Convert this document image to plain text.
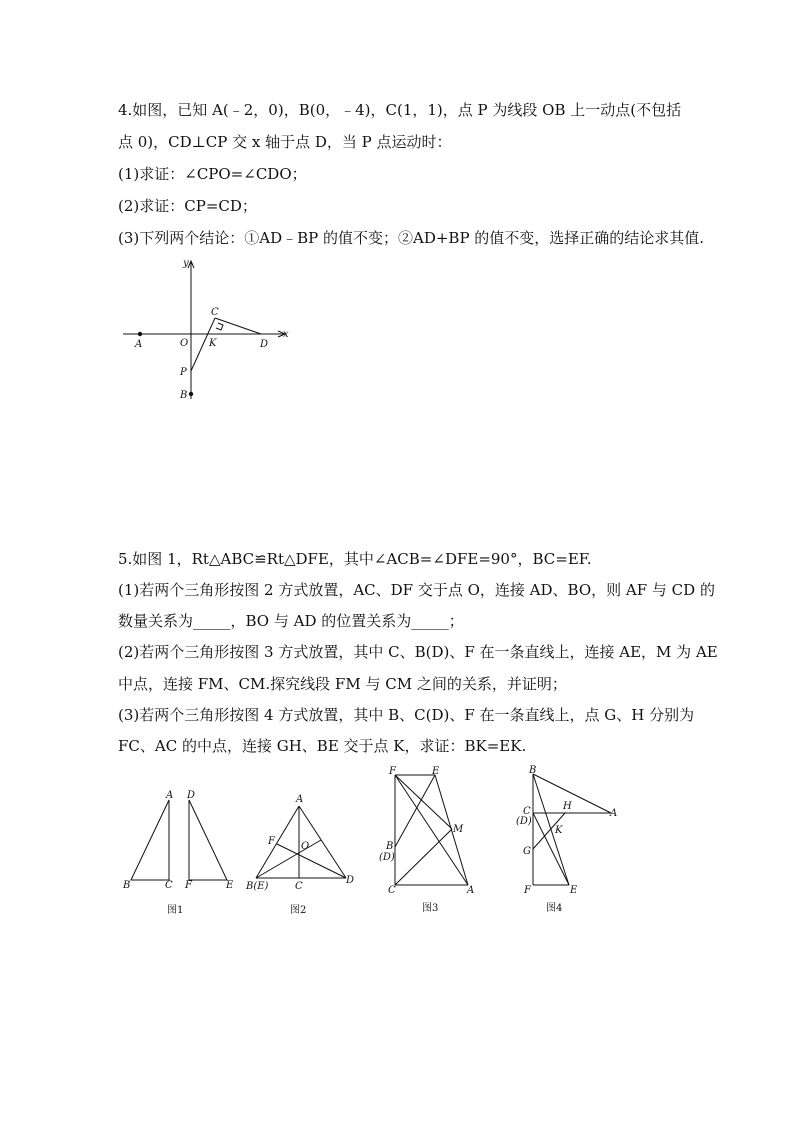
4.如图，已知 A(﹣2，0)，B(0，﹣4)，C(1，1)，点 P 为线段 OB 上一动点(不包括
点 0)，CD⊥CP 交 x 轴于点 D，当 P 点运动时：
(1)求证：∠CPO=∠CDO；
(2)求证：CP=CD；
(3)下列两个结论：①AD﹣BP 的值不变；②AD+BP 的值不变，选择正确的结论求其值.
y
x
A	O K	D
C
P
B
5.如图 1，Rt△ABC≌Rt△DFE，其中∠ACB=∠DFE=90°，BC=EF.
(1)若两个三角形按图 2 方式放置，AC、DF 交于点 O，连接 AD、BO，则 AF 与 CD 的
数量关系为_____，BO 与 AD 的位置关系为_____；
(2)若两个三角形按图 3 方式放置，其中 C、B(D)、F 在一条直线上，连接 AE，M 为 AE
中点，连接 FM、CM.探究线段 FM 与 CM 之间的关系，并证明；
(3)若两个三角形按图 4 方式放置，其中 B、C(D)、F 在一条直线上，点 G、H 分别为
FC、AC 的中点，连接 GH、BE 交于点 K，求证：BK=EK.
A
B	C
D
F	E
图1
A
F	O
B(E)	C
D
图2
F	E
M
B
(D)
C	A
图3
B
C
(D)
H
A
K
G
F	E
图4
